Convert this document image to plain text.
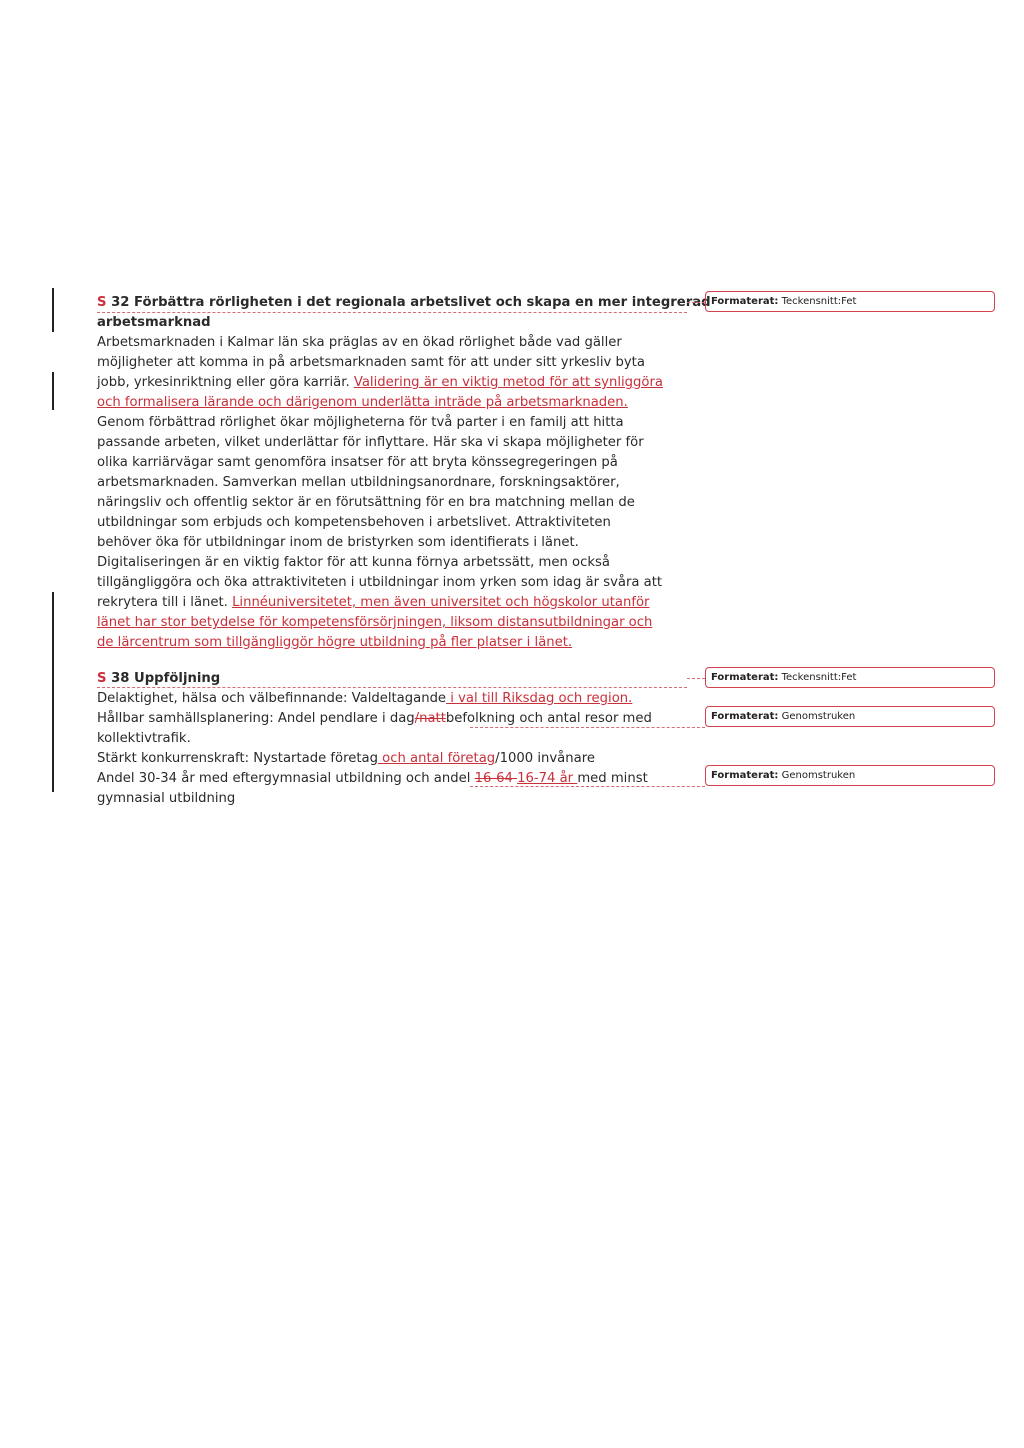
S 32 Förbättra rörligheten i det regionala arbetslivet och skapa en mer integrerad
arbetsmarknad
Arbetsmarknaden i Kalmar län ska präglas av en ökad rörlighet både vad gäller
möjligheter att komma in på arbetsmarknaden samt för att under sitt yrkesliv byta
jobb, yrkesinriktning eller göra karriär. Validering är en viktig metod för att synliggöra
och formalisera lärande och därigenom underlätta inträde på arbetsmarknaden.
Genom förbättrad rörlighet ökar möjligheterna för två parter i en familj att hitta
passande arbeten, vilket underlättar för inflyttare. Här ska vi skapa möjligheter för
olika karriärvägar samt genomföra insatser för att bryta könssegregeringen på
arbetsmarknaden. Samverkan mellan utbildningsanordnare, forskningsaktörer,
näringsliv och offentlig sektor är en förutsättning för en bra matchning mellan de
utbildningar som erbjuds och kompetensbehoven i arbetslivet. Attraktiviteten
behöver öka för utbildningar inom de bristyrken som identifierats i länet.
Digitaliseringen är en viktig faktor för att kunna förnya arbetssätt, men också
tillgängliggöra och öka attraktiviteten i utbildningar inom yrken som idag är svåra att
rekrytera till i länet. Linnéuniversitetet, men även universitet och högskolor utanför
länet har stor betydelse för kompetensförsörjningen, liksom distansutbildningar och
de lärcentrum som tillgängliggör högre utbildning på fler platser i länet.
S 38 Uppföljning
Delaktighet, hälsa och välbefinnande: Valdeltagande i val till Riksdag och region.
Hållbar samhällsplanering: Andel pendlare i dag/nattbefolkning och antal resor med
kollektivtrafik.
Stärkt konkurrenskraft: Nystartade företag och antal företag/1000 invånare
Andel 30-34 år med eftergymnasial utbildning och andel 16-64 16-74 år med minst
gymnasial utbildning
Formaterat: Teckensnitt:Fet
Formaterat: Teckensnitt:Fet
Formaterat: Genomstruken
Formaterat: Genomstruken
